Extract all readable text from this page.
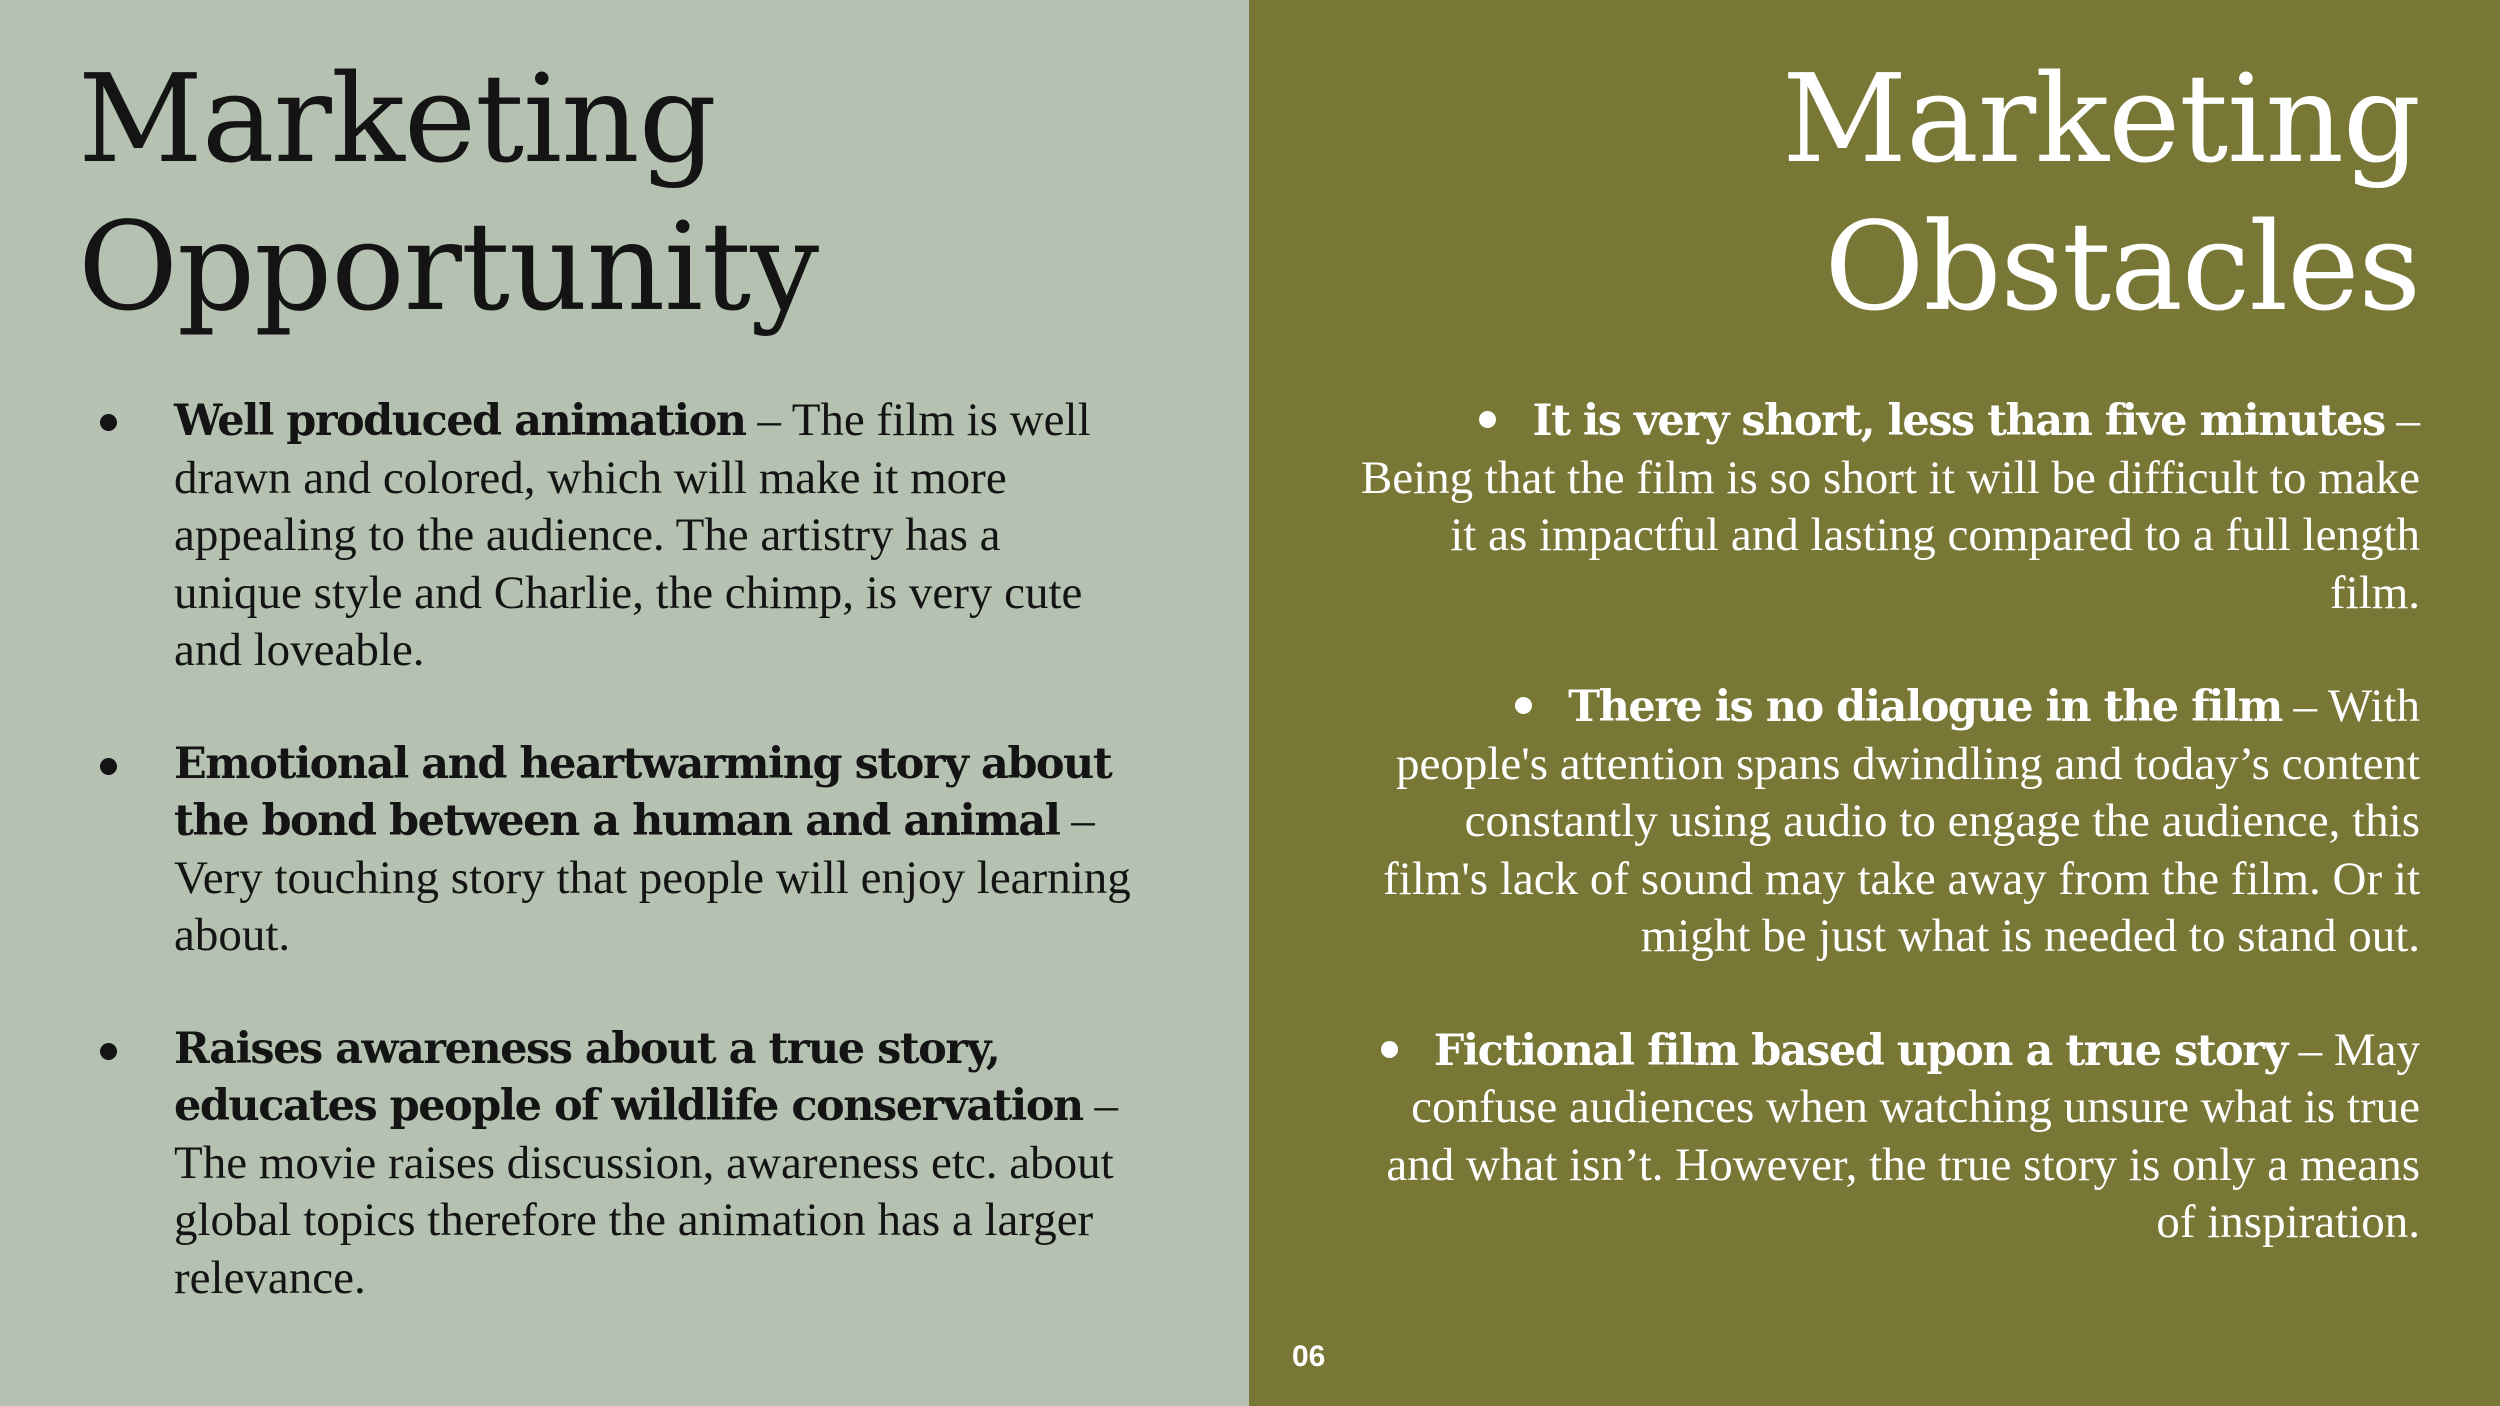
Marketing
Opportunity
Well produced animation – The film is well drawn and colored, which will make it more appealing to the audience. The artistry has a unique style and Charlie, the chimp, is very cute and loveable.
Emotional and heartwarming story about the bond between a human and animal – Very touching story that people will enjoy learning about.
Raises awareness about a true story, educates people of wildlife conservation – The movie raises discussion, awareness etc. about global topics therefore the animation has a larger relevance.
Marketing
Obstacles
It is very short, less than five minutes – Being that the film is so short it will be difficult to make it as impactful and lasting compared to a full length film.
There is no dialogue in the film – With people's attention spans dwindling and today’s content constantly using audio to engage the audience, this film's lack of sound may take away from the film. Or it might be just what is needed to stand out.
Fictional film based upon a true story – May confuse audiences when watching unsure what is true and what isn’t. However, the true story is only a means of inspiration.
06
